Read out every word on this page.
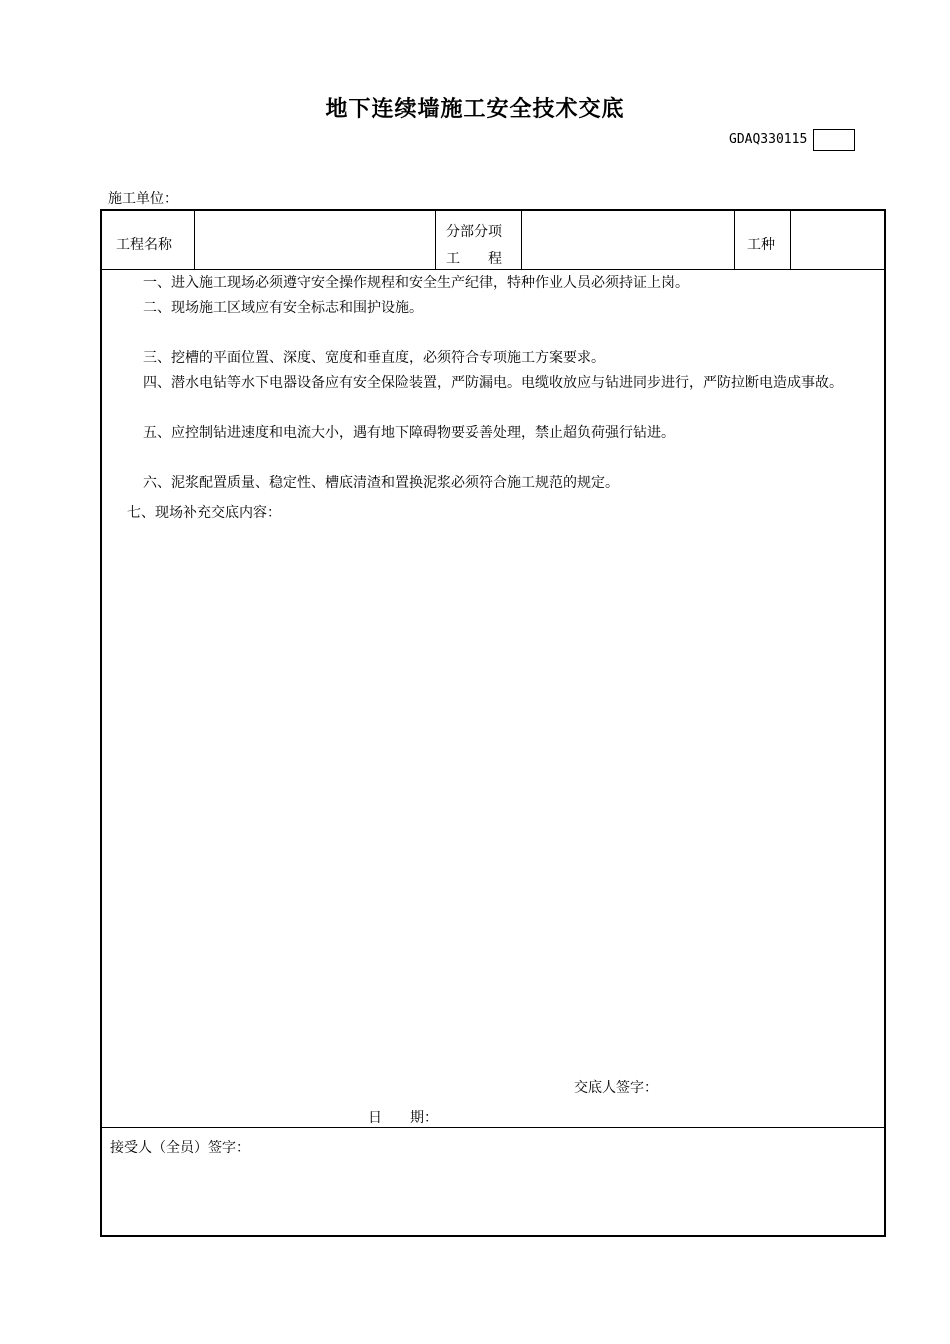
地下连续墙施工安全技术交底
GDAQ330115
施工单位：
工程名称
分部分项
工　　程
工种
一、进入施工现场必须遵守安全操作规程和安全生产纪律，特种作业人员必须持证上岗。
二、现场施工区域应有安全标志和围护设施。
三、挖槽的平面位置、深度、宽度和垂直度，必须符合专项施工方案要求。
四、潜水电钻等水下电器设备应有安全保险装置，严防漏电。电缆收放应与钻进同步进行，严防拉断电造成事故。
五、应控制钻进速度和电流大小，遇有地下障碍物要妥善处理，禁止超负荷强行钻进。
六、泥浆配置质量、稳定性、槽底清渣和置换泥浆必须符合施工规范的规定。
七、现场补充交底内容：
交底人签字：
日　　期：
接受人（全员）签字：
